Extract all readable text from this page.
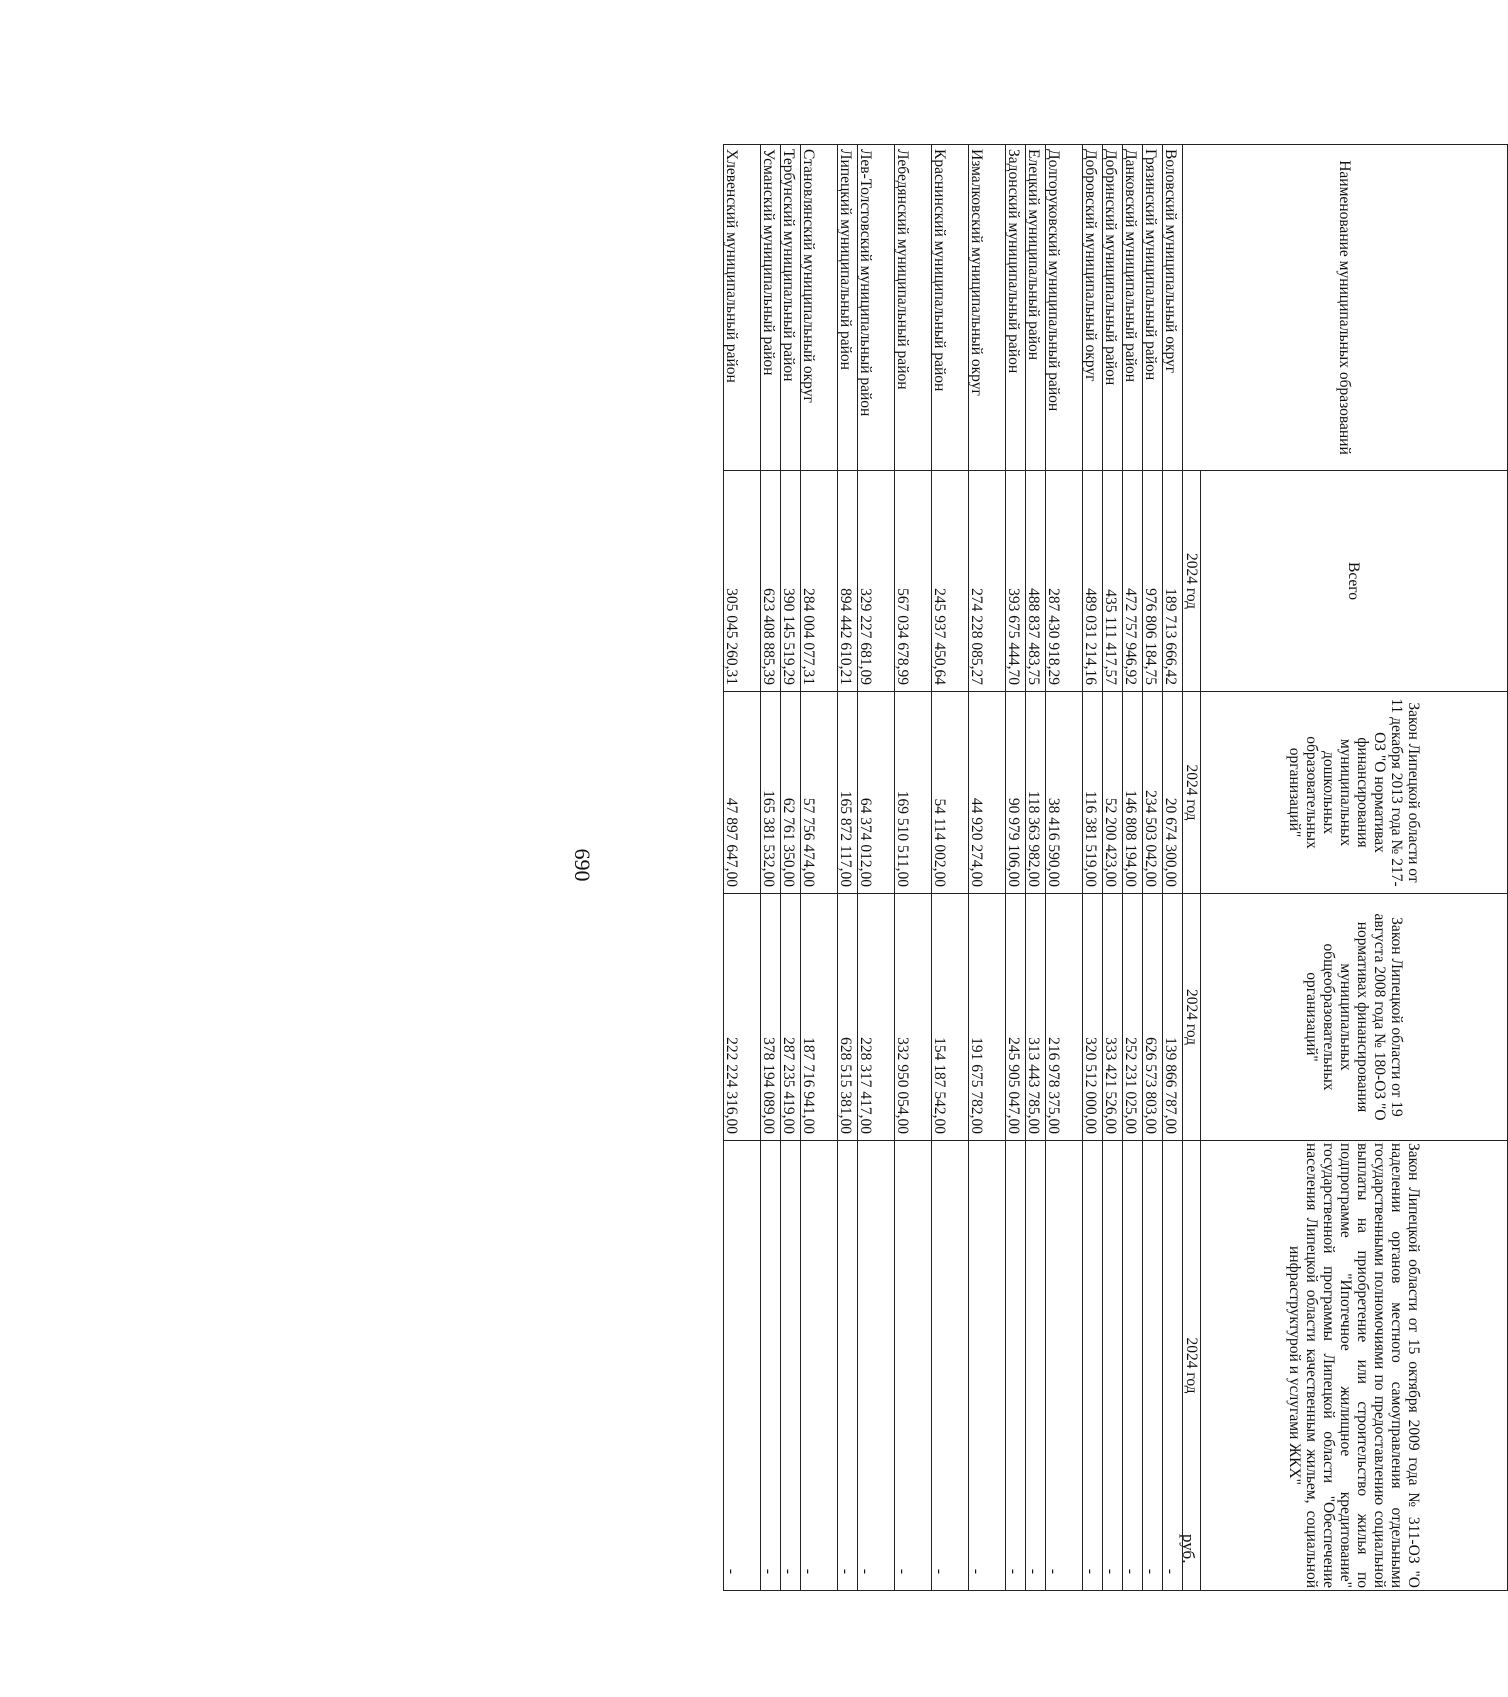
690
руб.
Наименование муниципальных образований	Всего	Закон Липецкой области от 11 декабря 2013 года № 217-ОЗ "О нормативах финансирования муниципальных дошкольных образовательных организаций"	Закон Липецкой области от 19 августа 2008 года № 180-ОЗ "О нормативах финансирования муниципальных общеобразовательных организаций"	Закон Липецкой области от 15 октября 2009 года № 311-ОЗ "О наделении органов местного самоуправления отдельными государственными полномочиями по предоставлению социальной выплаты на приобретение или строительство жилья по подпрограмме "Ипотечное жилищное кредитование" государственной программы Липецкой области "Обеспечение населения Липецкой области качественным жильем, социальной инфраструктурой и услугами ЖКХ"
	2024 год	2024 год	2024 год	2024 год
Воловский муниципальный округ	189 713 666,42	20 674 300,00	139 866 787,00	-
Грязинский муниципальный район	976 806 184,75	234 503 042,00	626 573 803,00	-
Данковский муниципальный район	472 757 946,92	146 808 194,00	252 231 025,00	-
Добринский муниципальный район	435 111 417,57	52 200 423,00	333 421 526,00	-
Добровский муниципальный округ	489 031 214,16	116 381 519,00	320 512 000,00	-
Долгоруковский муниципальный район	287 430 918,29	38 416 590,00	216 978 375,00	-
Елецкий муниципальный район	488 837 483,75	118 363 982,00	313 443 785,00	-
Задонский муниципальный район	393 675 444,70	90 979 106,00	245 905 047,00	-
Измалковский муниципальный округ	274 228 085,27	44 920 274,00	191 675 782,00	-
Краснинский муниципальный район	245 937 450,64	54 114 002,00	154 187 542,00	-
Лебедянский муниципальный район	567 034 678,99	169 510 511,00	332 950 054,00	-
Лев-Толстовский муниципальный район	329 227 681,09	64 374 012,00	228 317 417,00	-
Липецкий муниципальный район	894 442 610,21	165 872 117,00	628 515 381,00	-
Становлянский муниципальный округ	284 004 077,31	57 756 474,00	187 716 941,00	-
Тербунский муниципальный район	390 145 519,29	62 761 350,00	287 235 419,00	-
Усманский муниципальный район	623 408 885,39	165 381 532,00	378 194 089,00	-
Хлевенский муниципальный район	305 045 260,31	47 897 647,00	222 224 316,00	-
